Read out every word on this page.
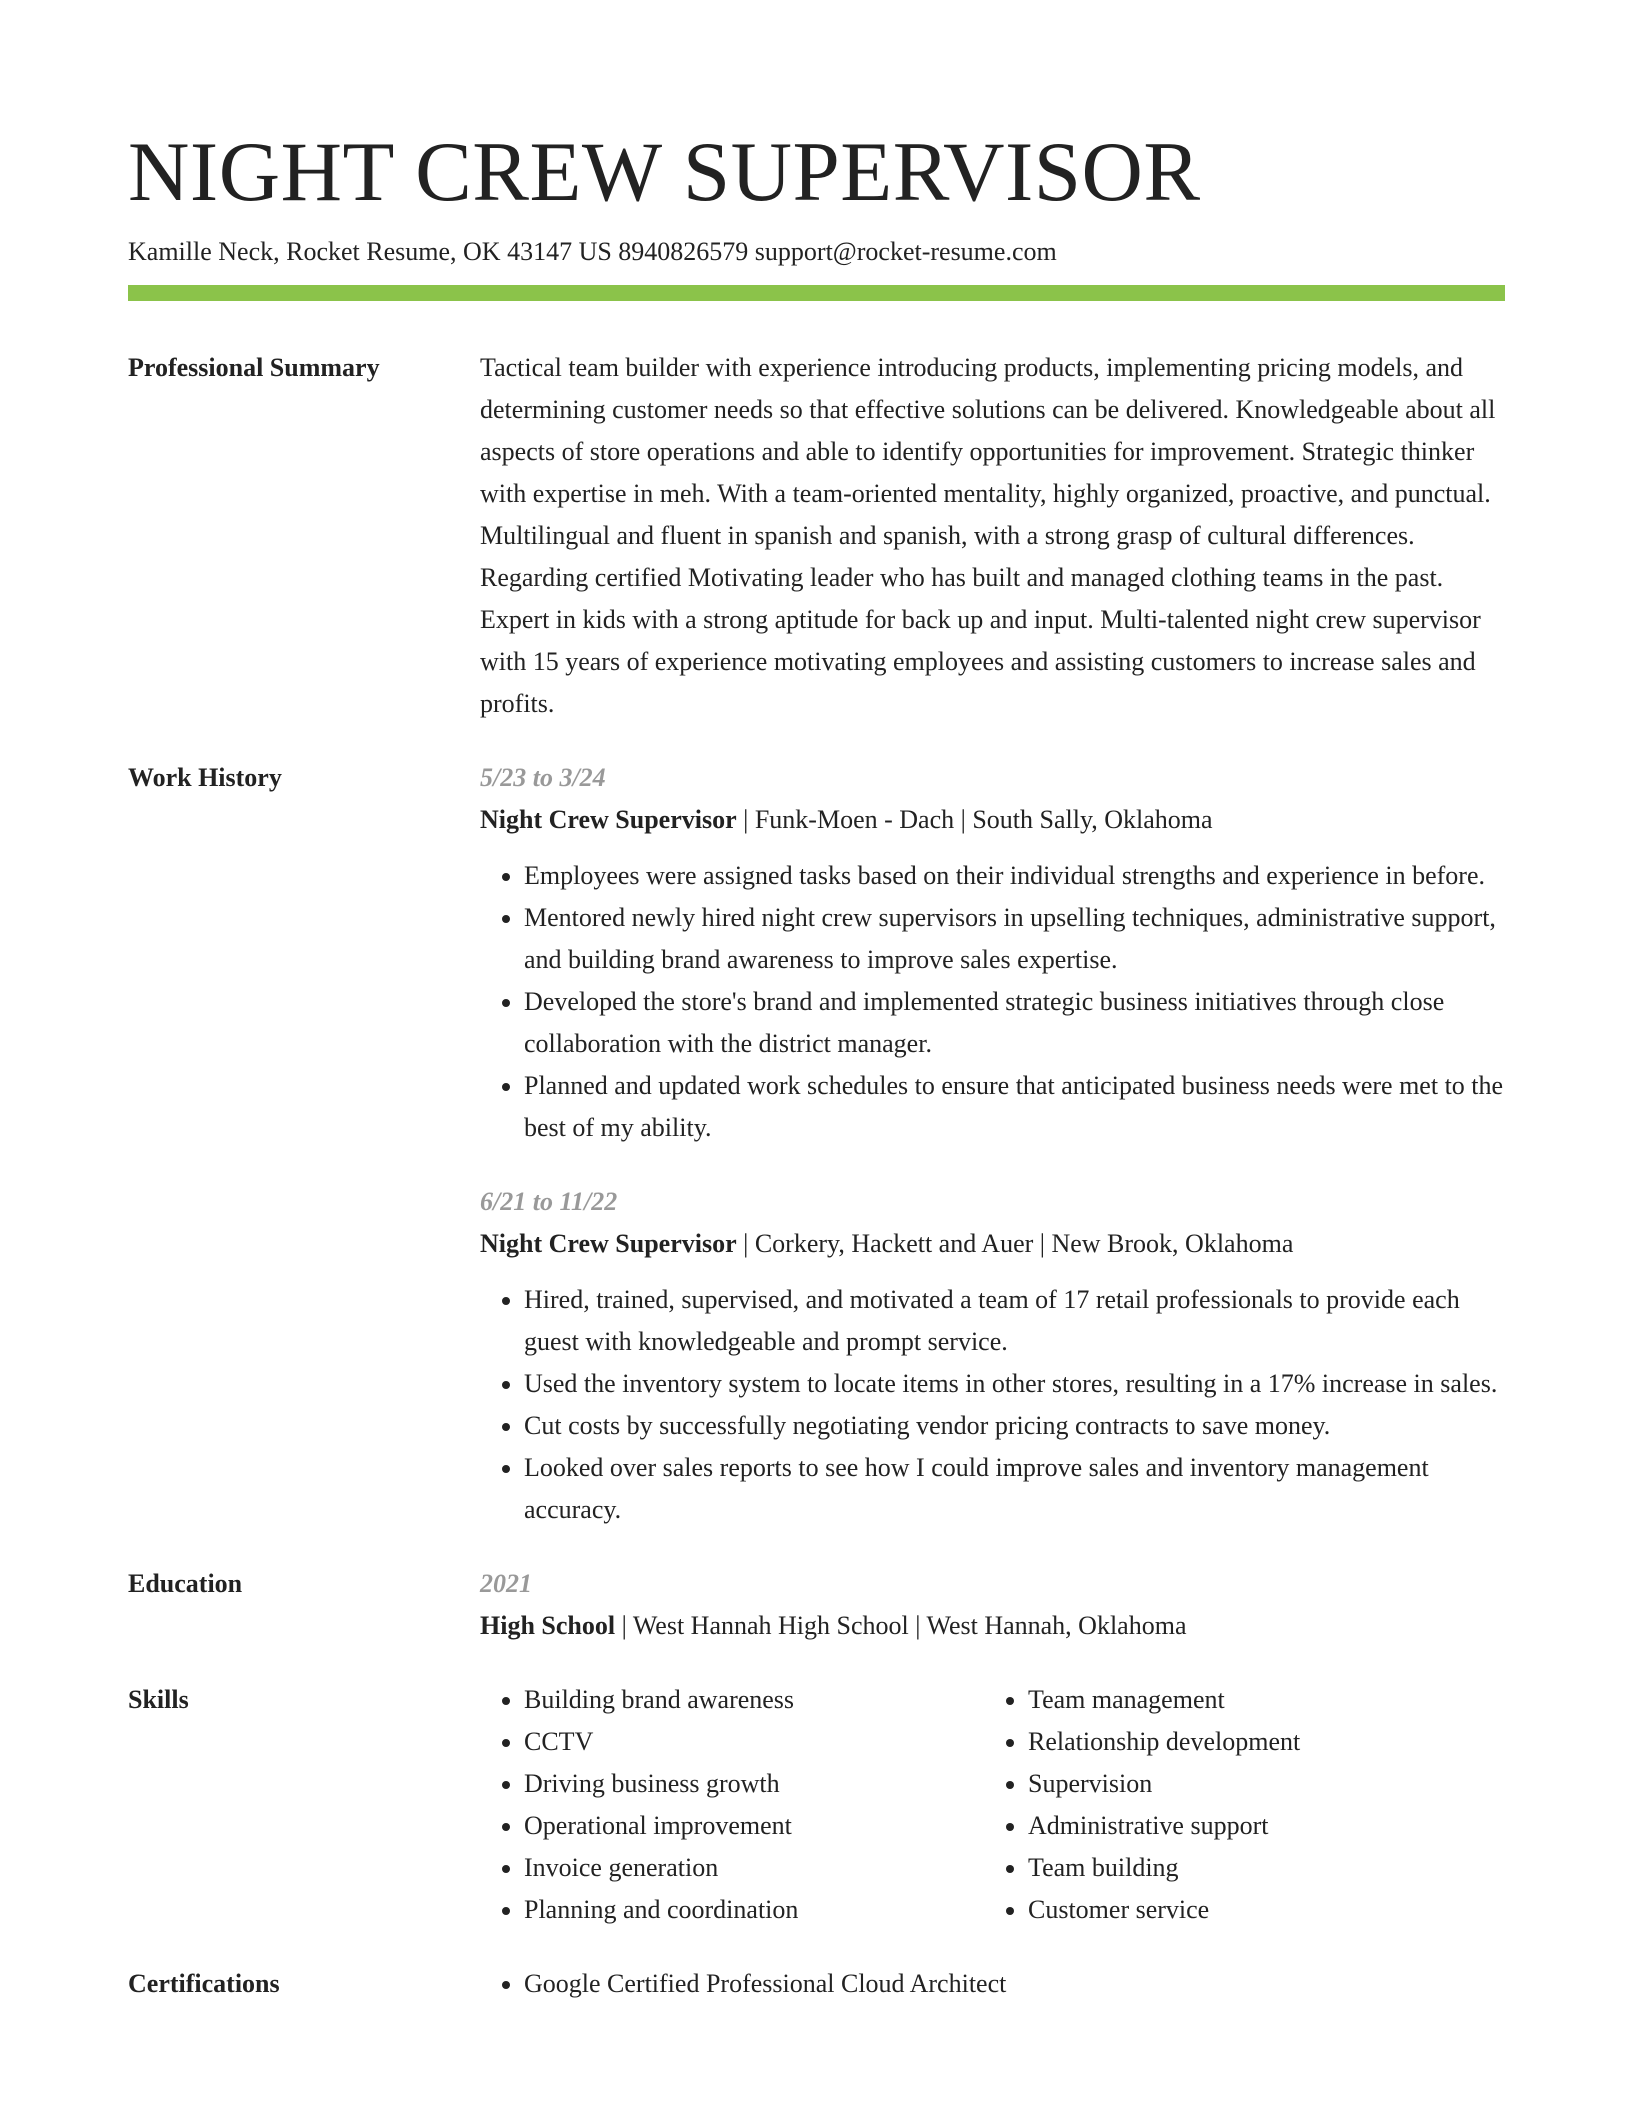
NIGHT CREW SUPERVISOR
Kamille Neck, Rocket Resume, OK 43147 US 8940826579 support@rocket-resume.com
Professional Summary	Tactical team builder with experience introducing products, implementing pricing models, and determining customer needs so that effective solutions can be delivered. Knowledgeable about all aspects of store operations and able to identify opportunities for improvement. Strategic thinker with expertise in meh. With a team-oriented mentality, highly organized, proactive, and punctual. Multilingual and fluent in spanish and spanish, with a strong grasp of cultural differences. Regarding certified Motivating leader who has built and managed clothing teams in the past. Expert in kids with a strong aptitude for back up and input. Multi-talented night crew supervisor with 15 years of experience motivating employees and assisting customers to increase sales and profits.

Work History	5/23 to 3/24
Night Crew Supervisor | Funk-Moen - Dach | South Sally, Oklahoma
• Employees were assigned tasks based on their individual strengths and experience in before.
• Mentored newly hired night crew supervisors in upselling techniques, administrative support, and building brand awareness to improve sales expertise.
• Developed the store's brand and implemented strategic business initiatives through close collaboration with the district manager.
• Planned and updated work schedules to ensure that anticipated business needs were met to the best of my ability.
6/21 to 11/22
Night Crew Supervisor | Corkery, Hackett and Auer | New Brook, Oklahoma
• Hired, trained, supervised, and motivated a team of 17 retail professionals to provide each guest with knowledgeable and prompt service.
• Used the inventory system to locate items in other stores, resulting in a 17% increase in sales.
• Cut costs by successfully negotiating vendor pricing contracts to save money.
• Looked over sales reports to see how I could improve sales and inventory management accuracy.
Education	2021
High School | West Hannah High School | West Hannah, Oklahoma
Skills	• Building brand awareness
• CCTV
• Driving business growth
• Operational improvement
• Invoice generation
• Planning and coordination
• Team management
• Relationship development
• Supervision
• Administrative support
• Team building
• Customer service
Certifications	• Google Certified Professional Cloud Architect
